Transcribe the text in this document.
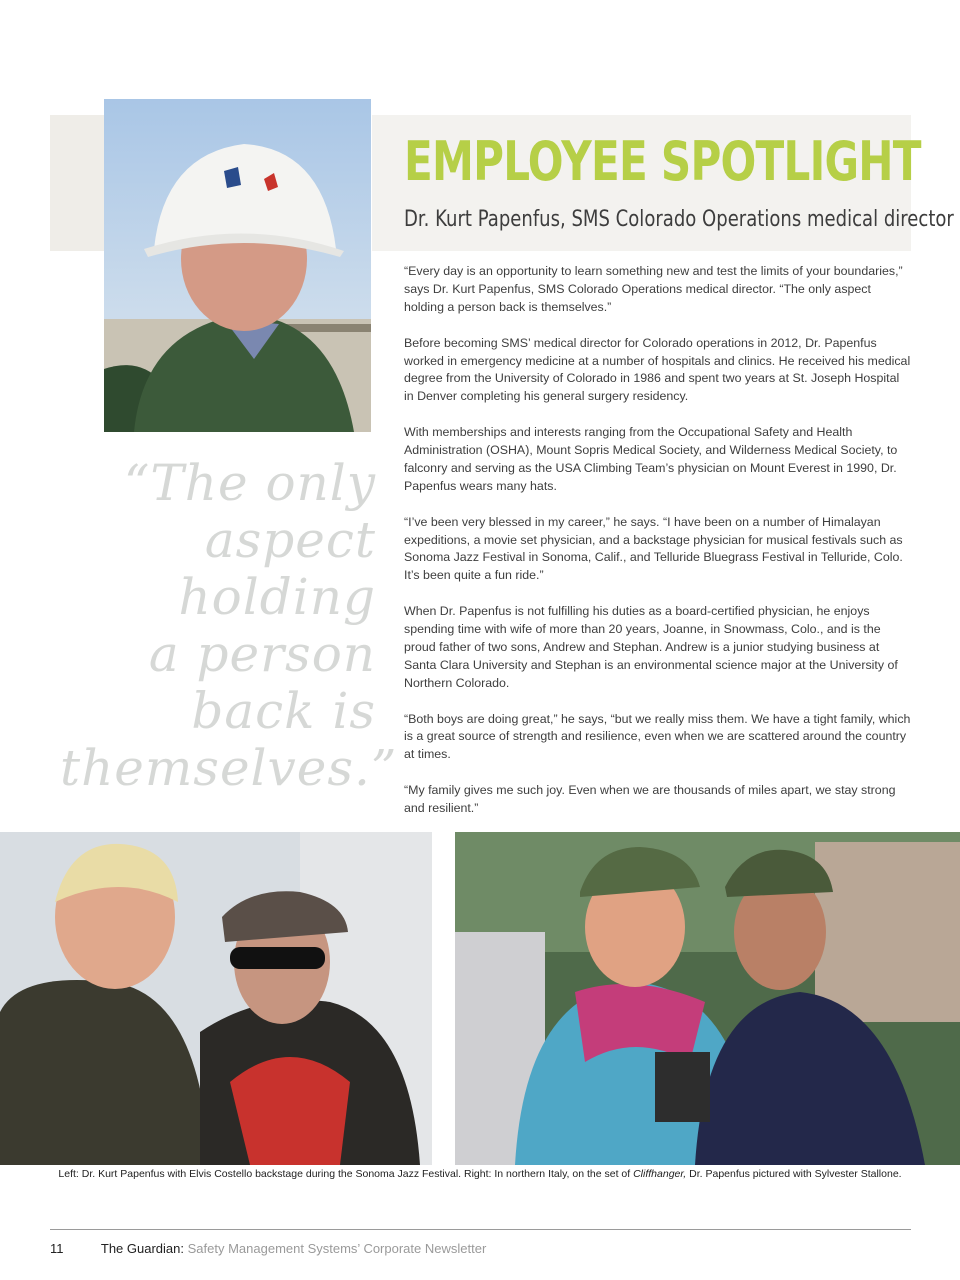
EMPLOYEE SPOTLIGHT
Dr. Kurt Papenfus, SMS Colorado Operations medical director

“Every day is an opportunity to learn something new and test the limits of your boundaries,” says Dr. Kurt Papenfus, SMS Colorado Operations medical director. “The only aspect holding a person back is themselves.”

Before becoming SMS’ medical director for Colorado operations in 2012, Dr. Papenfus worked in emergency medicine at a number of hospitals and clinics. He received his medical degree from the University of Colorado in 1986 and spent two years at St. Joseph Hospital in Denver completing his general surgery residency.

With memberships and interests ranging from the Occupational Safety and Health Administration (OSHA), Mount Sopris Medical Society, and Wilderness Medical Society, to falconry and serving as the USA Climbing Team’s physician on Mount Everest in 1990, Dr. Papenfus wears many hats.

“I’ve been very blessed in my career,” he says. “I have been on a number of Himalayan expeditions, a movie set physician, and a backstage physician for musical festivals such as Sonoma Jazz Festival in Sonoma, Calif., and Telluride Bluegrass Festival in Telluride, Colo. It’s been quite a fun ride.”

When Dr. Papenfus is not fulfilling his duties as a board-certified physician, he enjoys spending time with wife of more than 20 years, Joanne, in Snowmass, Colo., and is the proud father of two sons, Andrew and Stephan. Andrew is a junior studying business at Santa Clara University and Stephan is an environmental science major at the University of Northern Colorado.

“Both boys are doing great,” he says, “but we really miss them. We have a tight family, which is a great source of strength and resilience, even when we are scattered around the country at times.

“My family gives me such joy. Even when we are thousands of miles apart, we stay strong and resilient.”

“The only
aspect
holding
a person
back is
themselves.”
Left: Dr. Kurt Papenfus with Elvis Costello backstage during the Sonoma Jazz Festival. Right: In northern Italy, on the set of Cliffhanger, Dr. Papenfus pictured with Sylvester Stallone.
11	The Guardian: Safety Management Systems’ Corporate Newsletter
